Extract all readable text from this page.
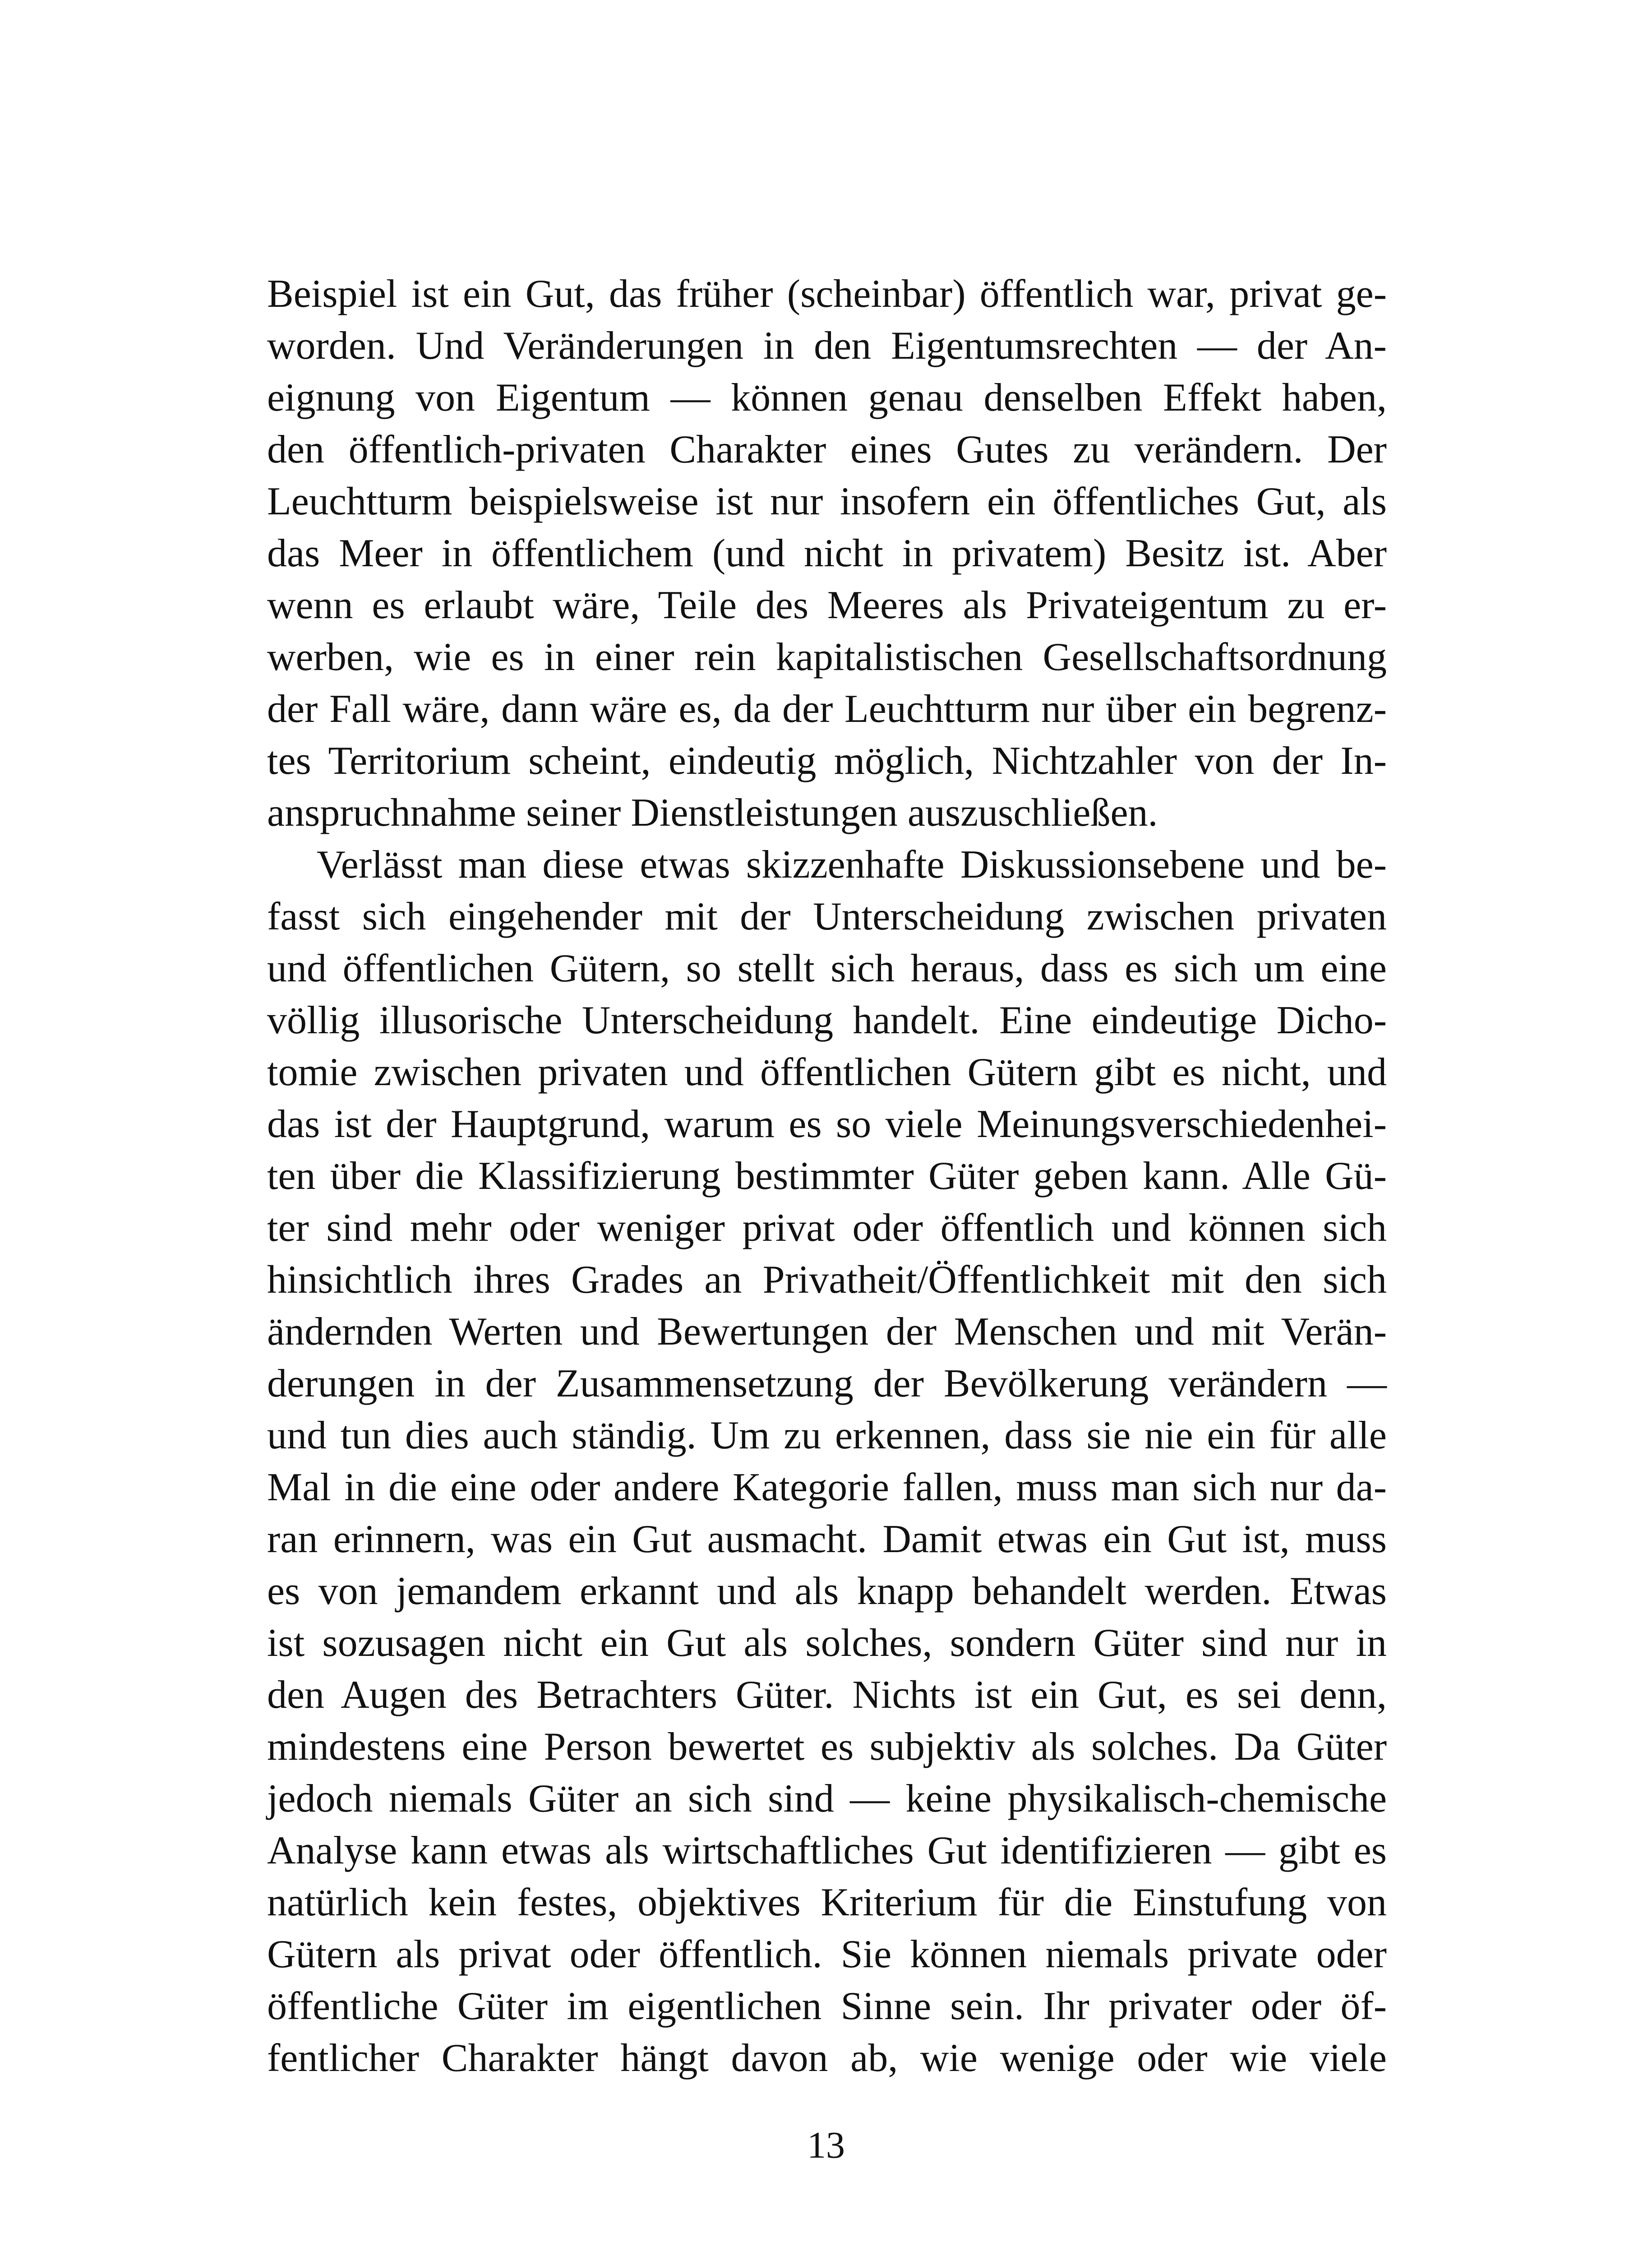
Beispiel ist ein Gut, das früher (scheinbar) öffentlich war, privat ge-
worden. Und Veränderungen in den Eigentumsrechten — der An-
eignung von Eigentum — können genau denselben Effekt haben,
den öffentlich-privaten Charakter eines Gutes zu verändern. Der
Leuchtturm beispielsweise ist nur insofern ein öffentliches Gut, als
das Meer in öffentlichem (und nicht in privatem) Besitz ist. Aber
wenn es erlaubt wäre, Teile des Meeres als Privateigentum zu er-
werben, wie es in einer rein kapitalistischen Gesellschaftsordnung
der Fall wäre, dann wäre es, da der Leuchtturm nur über ein begrenz-
tes Territorium scheint, eindeutig möglich, Nichtzahler von der In-
anspruchnahme seiner Dienstleistungen auszuschließen.
Verlässt man diese etwas skizzenhafte Diskussionsebene und be-
fasst sich eingehender mit der Unterscheidung zwischen privaten
und öffentlichen Gütern, so stellt sich heraus, dass es sich um eine
völlig illusorische Unterscheidung handelt. Eine eindeutige Dicho-
tomie zwischen privaten und öffentlichen Gütern gibt es nicht, und
das ist der Hauptgrund, warum es so viele Meinungsverschiedenhei-
ten über die Klassifizierung bestimmter Güter geben kann. Alle Gü-
ter sind mehr oder weniger privat oder öffentlich und können sich
hinsichtlich ihres Grades an Privatheit/Öffentlichkeit mit den sich
ändernden Werten und Bewertungen der Menschen und mit Verän-
derungen in der Zusammensetzung der Bevölkerung verändern —
und tun dies auch ständig. Um zu erkennen, dass sie nie ein für alle
Mal in die eine oder andere Kategorie fallen, muss man sich nur da-
ran erinnern, was ein Gut ausmacht. Damit etwas ein Gut ist, muss
es von jemandem erkannt und als knapp behandelt werden. Etwas
ist sozusagen nicht ein Gut als solches, sondern Güter sind nur in
den Augen des Betrachters Güter. Nichts ist ein Gut, es sei denn,
mindestens eine Person bewertet es subjektiv als solches. Da Güter
jedoch niemals Güter an sich sind — keine physikalisch-chemische
Analyse kann etwas als wirtschaftliches Gut identifizieren — gibt es
natürlich kein festes, objektives Kriterium für die Einstufung von
Gütern als privat oder öffentlich. Sie können niemals private oder
öffentliche Güter im eigentlichen Sinne sein. Ihr privater oder öf-
fentlicher Charakter hängt davon ab, wie wenige oder wie viele
13
